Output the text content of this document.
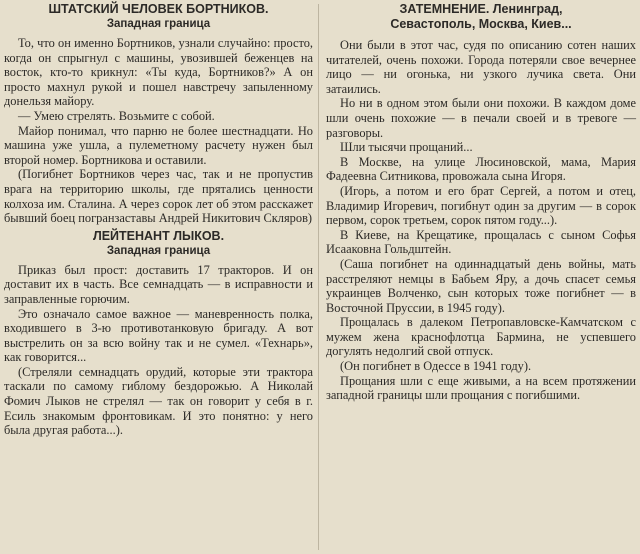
ШТАТСКИЙ ЧЕЛОВЕК БОРТНИКОВ.
Западная граница

То, что он именно Бортников, узнали случайно: просто, когда он спрыгнул с машины, увозившей беженцев на восток, кто-то крикнул: «Ты куда, Бортников?» А он просто махнул рукой и пошел навстречу запыленному донельзя майору.

— Умею стрелять. Возьмите с собой.

Майор понимал, что парню не более шестнадцати. Но машина уже ушла, а пулеметному расчету нужен был второй номер. Бортникова и оставили.

(Погибнет Бортников через час, так и не пропустив врага на территорию школы, где прятались ценности колхоза им. Сталина. А через сорок лет об этом расскажет бывший боец погранзаставы Андрей Никитович Скляров)

ЛЕЙТЕНАНТ ЛЫКОВ.
Западная граница

Приказ был прост: доставить 17 тракторов. И он доставит их в часть. Все семнадцать — в исправности и заправленные горючим.

Это означало самое важное — маневренность полка, входившего в 3-ю противотанковую бригаду. А вот выстрелить он за всю войну так и не сумел. «Технарь», как говорится...

(Стреляли семнадцать орудий, которые эти трактора таскали по самому гиблому бездорожью. А Николай Фомич Лыков не стрелял — так он говорит у себя в г. Есиль знакомым фронтовикам. И это понятно: у него была другая работа...).

ЗАТЕМНЕНИЕ. Ленинград,
Севастополь, Москва, Киев...

Они были в этот час, судя по описанию сотен наших читателей, очень похожи. Города потеряли свое вечернее лицо — ни огонька, ни узкого лучика света. Они затаились.

Но ни в одном этом были они похожи. В каждом доме шли очень похожие — в печали своей и в тревоге — разговоры.

Шли тысячи прощаний...

В Москве, на улице Люсиновской, мама, Мария Фадеевна Ситникова, провожала сына Игоря.

(Игорь, а потом и его брат Сергей, а потом и отец, Владимир Игоревич, погибнут один за другим — в сорок первом, сорок третьем, сорок пятом году...).

В Киеве, на Крещатике, прощалась с сыном Софья Исааковна Гольдштейн.

(Саша погибнет на одиннадцатый день войны, мать расстреляют немцы в Бабьем Яру, а дочь спасет семья украинцев Волченко, сын которых тоже погибнет — в Восточной Пруссии, в 1945 году).

Прощалась в далеком Петропавловске-Камчатском с мужем жена краснофлотца Бармина, не успевшего догулять недолгий свой отпуск.

(Он погибнет в Одессе в 1941 году).

Прощания шли с еще живыми, а на всем протяжении западной границы шли прощания с погибшими.
